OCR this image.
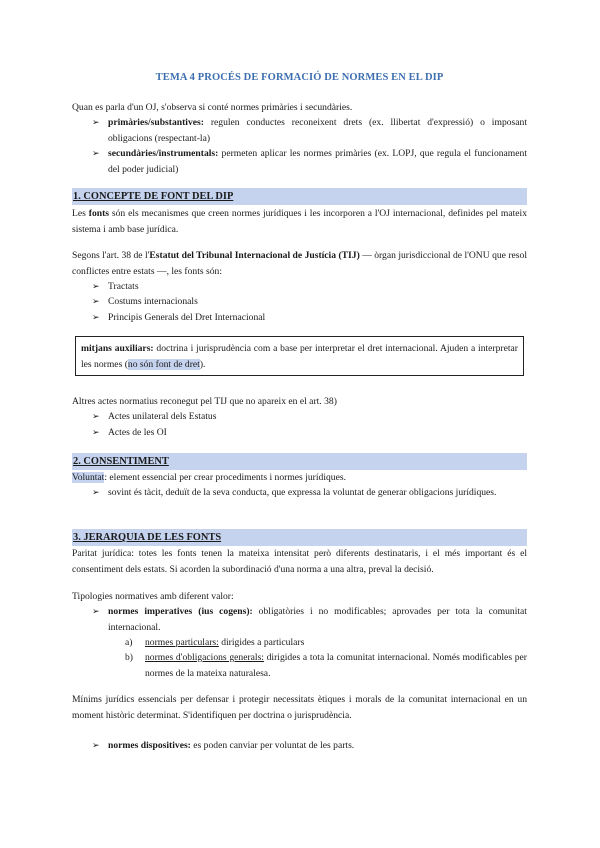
TEMA 4 PROCÉS DE FORMACIÓ DE NORMES EN EL DIP
Quan es parla d'un OJ, s'observa si conté normes primàries i secundàries.
➢ primàries/substantives: regulen conductes reconeixent drets (ex. llibertat d'expressió) o imposant obligacions (respectant-la)
➢ secundàries/instrumentals: permeten aplicar les normes primàries (ex. LOPJ, que regula el funcionament del poder judicial)
1. CONCEPTE DE FONT DEL DIP
Les fonts són els mecanismes que creen normes jurídiques i les incorporen a l'OJ internacional, definides pel mateix sistema i amb base jurídica.
Segons l'art. 38 de l'Estatut del Tribunal Internacional de Justícia (TIJ) — òrgan jurisdiccional de l'ONU que resol conflictes entre estats —, les fonts són:
➢ Tractats
➢ Costums internacionals
➢ Principis Generals del Dret Internacional
mitjans auxiliars: doctrina i jurisprudència com a base per interpretar el dret internacional. Ajuden a interpretar les normes (no són font de dret).
Altres actes normatius reconegut pel TIJ que no apareix en el art. 38)
➢ Actes unilateral dels Estatus
➢ Actes de les OI
2. CONSENTIMENT
Voluntat: element essencial per crear procediments i normes jurídiques.
➢ sovint és tàcit, deduït de la seva conducta, que expressa la voluntat de generar obligacions jurídiques.
3. JERARQUIA DE LES FONTS
Paritat jurídica: totes les fonts tenen la mateixa intensitat però diferents destinataris, i el més important és el consentiment dels estats. Si acorden la subordinació d'una norma a una altra, preval la decisió.
Tipologies normatives amb diferent valor:
➢ normes imperatives (ius cogens): obligatòries i no modificables; aprovades per tota la comunitat internacional.
a) normes particulars: dirigides a particulars
b) normes d'obligacions generals: dirigides a tota la comunitat internacional. Només modificables per normes de la mateixa naturalesa.
Mínims jurídics essencials per defensar i protegir necessitats ètiques i morals de la comunitat internacional en un moment històric determinat. S'identifiquen per doctrina o jurisprudència.
➢ normes dispositives: es poden canviar per voluntat de les parts.
